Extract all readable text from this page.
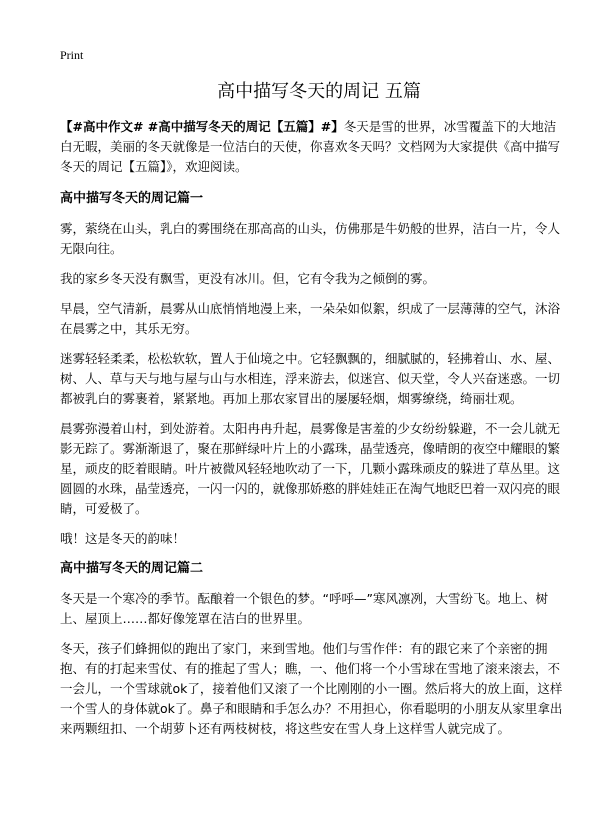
Print
高中描写冬天的周记 五篇

【#高中作文# #高中描写冬天的周记【五篇】#】冬天是雪的世界，冰雪覆盖下的大地洁白无暇，美丽的冬天就像是一位洁白的天使，你喜欢冬天吗？文档网为大家提供《高中描写冬天的周记【五篇】》，欢迎阅读。

高中描写冬天的周记篇一

雾，萦绕在山头，乳白的雾围绕在那高高的山头，仿佛那是牛奶般的世界，洁白一片，令人无限向往。

我的家乡冬天没有飘雪，更没有冰川。但，它有令我为之倾倒的雾。

早晨，空气清新，晨雾从山底悄悄地漫上来，一朵朵如似絮，织成了一层薄薄的空气，沐浴在晨雾之中，其乐无穷。

迷雾轻轻柔柔，松松软软，置人于仙境之中。它轻飘飘的，细腻腻的，轻拂着山、水、屋、树、人、草与天与地与屋与山与水相连，浮来游去，似迷宫、似天堂，令人兴奋迷惑。一切都被乳白的雾裹着，紧紧地。再加上那农家冒出的屡屡轻烟，烟雾缭绕，绮丽壮观。

晨雾弥漫着山村，到处游着。太阳冉冉升起，晨雾像是害羞的少女纷纷躲避，不一会儿就无影无踪了。雾渐渐退了，聚在那鲜绿叶片上的小露珠，晶莹透亮，像晴朗的夜空中耀眼的繁星，顽皮的眨着眼睛。叶片被微风轻轻地吹动了一下，几颗小露珠顽皮的躲进了草丛里。这圆圆的水珠，晶莹透亮，一闪一闪的，就像那娇憨的胖娃娃正在淘气地眨巴着一双闪亮的眼睛，可爱极了。

哦！这是冬天的韵味！

高中描写冬天的周记篇二

冬天是一个寒冷的季节。酝酿着一个银色的梦。“呼呼—”寒风凛冽，大雪纷飞。地上、树上、屋顶上……都好像笼罩在洁白的世界里。

冬天，孩子们蜂拥似的跑出了家门，来到雪地。他们与雪作伴：有的跟它来了个亲密的拥抱、有的打起来雪仗、有的推起了雪人；瞧，一、他们将一个小雪球在雪地了滚来滚去，不一会儿，一个雪球就ok了，接着他们又滚了一个比刚刚的小一圈。然后将大的放上面，这样一个雪人的身体就ok了。鼻子和眼睛和手怎么办？不用担心，你看聪明的小朋友从家里拿出来两颗纽扣、一个胡萝卜还有两枝树枝，将这些安在雪人身上这样雪人就完成了。
